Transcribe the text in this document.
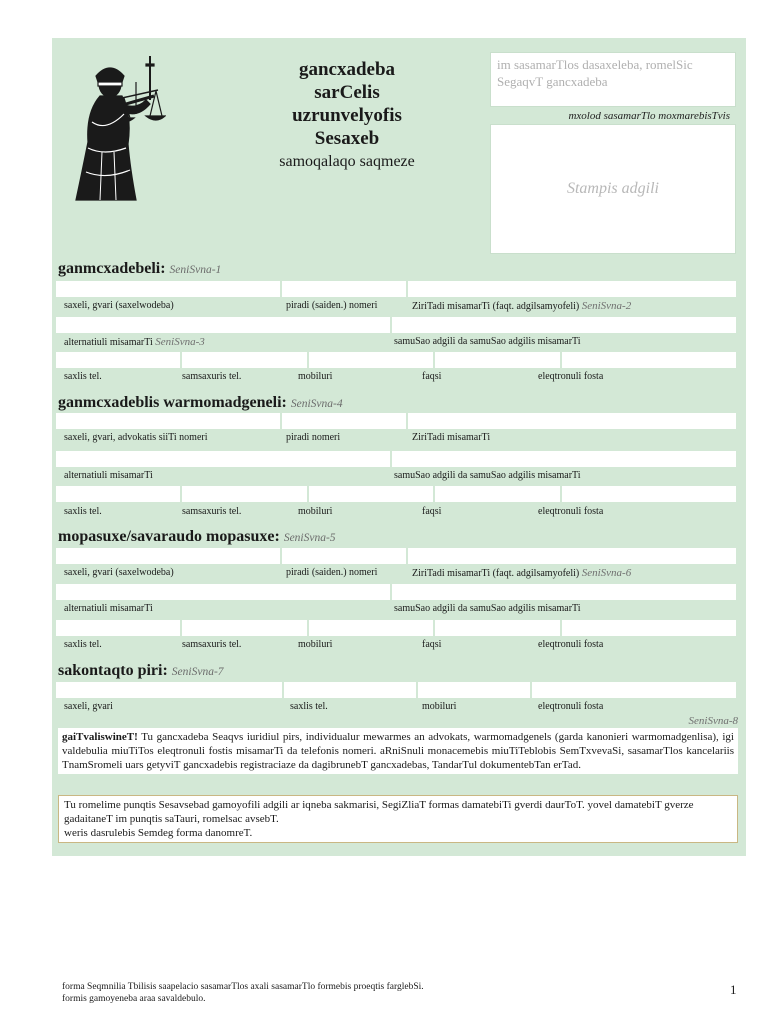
gancxadeba
sarCelis
uzrunvelyofis
Sesaxeb
samoqalaqo saqmeze
im sasamarTlos dasaxeleba, romelSic SegaqvT gancxadeba
mxolod sasamarTlo moxmarebisTvis
Stampis adgili
ganmcxadebeli: SeniSvna-1
saxeli, gvari (saxelwodeba)	piradi (saiden.) nomeri	ZiriTadi misamarTi (faqt. adgilsamyofeli) SeniSvna-2
alternatiuli misamarTi SeniSvna-3	samuSao adgili da samuSao adgilis misamarTi
saxlis tel.	samsaxuris tel.	mobiluri	faqsi	eleqtronuli fosta
ganmcxadeblis warmomadgeneli: SeniSvna-4
saxeli, gvari, advokatis siiTi nomeri	piradi nomeri	ZiriTadi misamarTi
alternatiuli misamarTi	samuSao adgili da samuSao adgilis misamarTi
saxlis tel.	samsaxuris tel.	mobiluri	faqsi	eleqtronuli fosta
mopasuxe/savaraudo mopasuxe: SeniSvna-5
saxeli, gvari (saxelwodeba)	piradi (saiden.) nomeri	ZiriTadi misamarTi (faqt. adgilsamyofeli) SeniSvna-6
alternatiuli misamarTi	samuSao adgili da samuSao adgilis misamarTi
saxlis tel.	samsaxuris tel.	mobiluri	faqsi	eleqtronuli fosta
sakontaqto piri: SeniSvna-7
saxeli, gvari	saxlis tel.	mobiluri	eleqtronuli fosta
SeniSvna-8
gaiTvaliswineT! Tu gancxadeba Seaqvs iuridiul pirs, individualur mewarmes an advokats, warmomadgenels (garda kanonieri warmomadgenlisa), igi valdebulia miuTiTos eleqtronuli fostis misamarTi da telefonis nomeri. aRniSnuli monacemebis miuTiTeblobis SemTxvevaSi, sasamarTlos kancelariis TnamSromeli uars getyviT gancxadebis registraciaze da dagibrunebT gancxadebas, TandarTul dokumentebTan erTad.
Tu romelime punqtis Sesavsebad gamoyofili adgili ar iqneba sakmarisi, SegiZliaT formas damatebiTi gverdi daurToT. yovel damatebiT gverze gadaitaneT im punqtis saTauri, romelsac avsebT.
weris dasrulebis Semdeg forma danomreT.
forma Seqmnilia Tbilisis saapelacio sasamarTlos axali sasamarTlo formebis proeqtis farglebSi.
formis gamoyeneba araa savaldebulo.
1
